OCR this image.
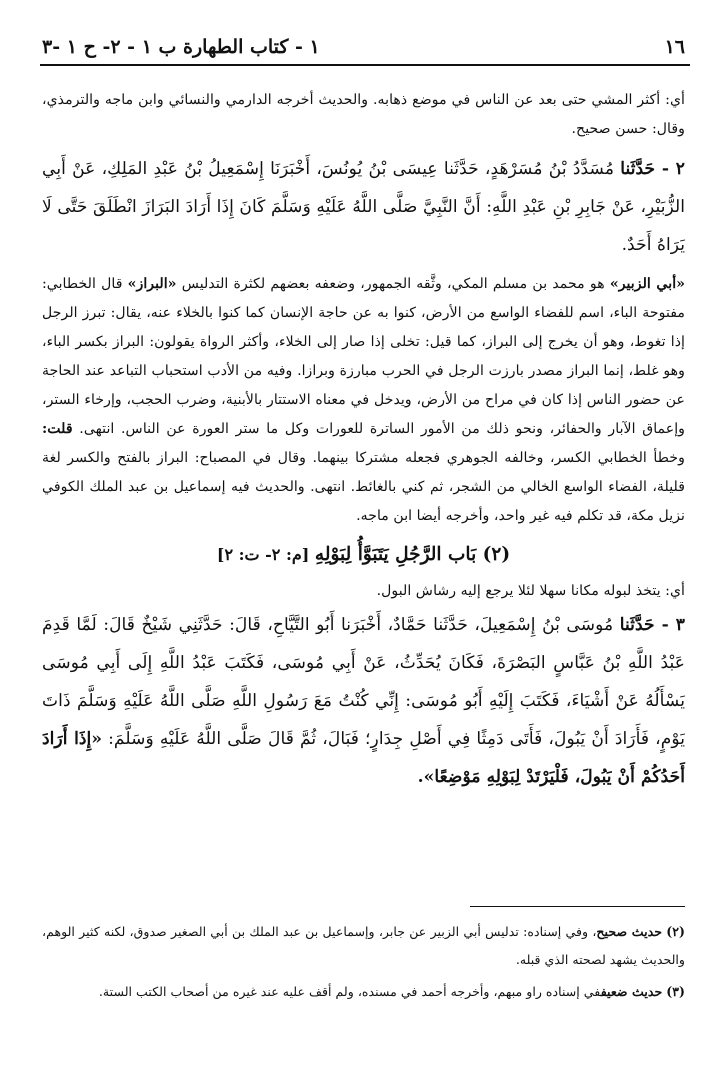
١٦
١ - كتاب الطهارة ب ١ - ٢- ح ١ -٣

أي: أكثر المشي حتى بعد عن الناس في موضع ذهابه. والحديث أخرجه الدارمي والنسائي وابن ماجه والترمذي، وقال: حسن صحيح.

٢ - حَدَّثَنا مُسَدَّدُ بْنُ مُسَرْهَدٍ، حَدَّثَنا عِيسَى بْنُ يُونُسَ، أَخْبَرَنَا إِسْمَعِيلُ بْنُ عَبْدِ المَلِكِ، عَنْ أَبِي الزُّبَيْرِ، عَنْ جَابِرِ بْنِ عَبْدِ اللَّهِ: أَنَّ النَّبِيَّ صَلَّى اللَّهُ عَلَيْهِ وَسَلَّمَ كَانَ إِذَا أَرَادَ البَرَازَ انْطَلَقَ حَتَّى لَا يَرَاهُ أَحَدٌ.

«أبي الزبير» هو محمد بن مسلم المكي، وثَّقه الجمهور، وضعفه بعضهم لكثرة التدليس «البراز» قال الخطابي: مفتوحة الباء، اسم للفضاء الواسع من الأرض، كنوا به عن حاجة الإنسان كما كنوا بالخلاء عنه، يقال: تبرز الرجل إذا تغوط، وهو أن يخرج إلى البراز، كما قيل: تخلى إذا صار إلى الخلاء، وأكثر الرواة يقولون: البراز بكسر الباء، وهو غلط، إنما البراز مصدر بارزت الرجل في الحرب مبارزة وبرازا. وفيه من الأدب استحباب التباعد عند الحاجة عن حضور الناس إذا كان في مراح من الأرض، ويدخل في معناه الاستتار بالأبنية، وضرب الحجب، وإرخاء الستر، وإعماق الآبار والحفائر، ونحو ذلك من الأمور الساترة للعورات وكل ما ستر العورة عن الناس. انتهى. قلت: وخطأ الخطابي الكسر، وخالفه الجوهري فجعله مشتركا بينهما. وقال في المصباح: البراز بالفتح والكسر لغة قليلة، الفضاء الواسع الخالي من الشجر، ثم كني بالغائط. انتهى. والحديث فيه إسماعيل بن عبد الملك الكوفي نزيل مكة، قد تكلم فيه غير واحد، وأخرجه أيضا ابن ماجه.

(٢) بَاب الرَّجُلِ يَتَبَوَّأُ لِبَوْلِهِ [م: ٢- ت: ٢]

أي: يتخذ لبوله مكانا سهلا لئلا يرجع إليه رشاش البول.

٣ - حَدَّثَنا مُوسَى بْنُ إِسْمَعِيلَ، حَدَّثَنا حَمَّادٌ، أَخْبَرَنا أَبُو التَّيَّاحِ، قَالَ: حَدَّثَنِي شَيْخٌ قَالَ: لَمَّا قَدِمَ عَبْدُ اللَّهِ بْنُ عَبَّاسٍ البَصْرَةَ، فَكَانَ يُحَدِّثُ، عَنْ أَبِي مُوسَى، فَكَتَبَ عَبْدُ اللَّهِ إِلَى أَبِي مُوسَى يَسْأَلُهُ عَنْ أَشْيَاءَ، فَكَتَبَ إِلَيْهِ أَبُو مُوسَى: إِنِّي كُنْتُ مَعَ رَسُولِ اللَّهِ صَلَّى اللَّهُ عَلَيْهِ وَسَلَّمَ ذَاتَ يَوْمٍ، فَأَرَادَ أَنْ يَبُولَ، فَأَتَى دَمِثًا فِي أَصْلِ جِدَارٍ؛ فَبَالَ، ثُمَّ قَالَ صَلَّى اللَّهُ عَلَيْهِ وَسَلَّمَ: «إِذَا أَرَادَ أَحَدُكُمْ أَنْ يَبُولَ، فَلْيَرْتَدْ لِبَوْلِهِ مَوْضِعًا».

(٢) حديث صحيح، وفي إسناده: تدليس أبي الزبير عن جابر، وإسماعيل بن عبد الملك بن أبي الصغير صدوق، لكنه كثير الوهم، والحديث يشهد لصحته الذي قبله.

(٣) حديث ضعيففي إسناده راو مبهم، وأخرجه أحمد في مسنده، ولم أقف عليه عند غيره من أصحاب الكتب الستة.
